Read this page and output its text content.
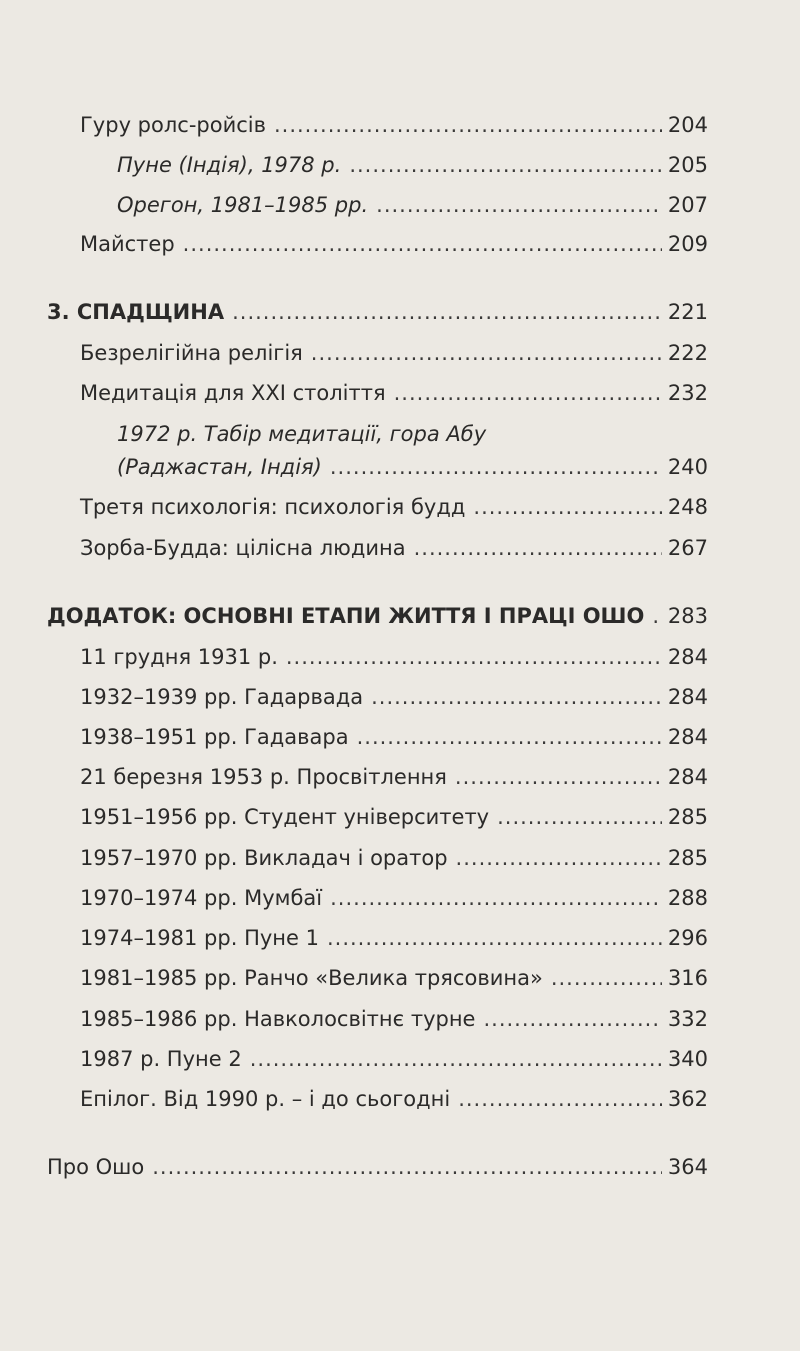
Гуру ролс-ройсів .....	204
Пуне (Індія), 1978 р. .....	205
Орегон, 1981–1985 рр. .....	207
Майстер .....	209
3. СПАДЩИНА .....	221
Безрелігійна релігія .....	222
Медитація для XXI століття .....	232
1972 р. Табір медитації, гора Абу
(Раджастан, Індія) .....	240
Третя психологія: психологія будд .....	248
Зорба-Будда: цілісна людина .....	267
ДОДАТОК: ОСНОВНІ ЕТАПИ ЖИТТЯ І ПРАЦІ ОШО ..... 283
11 грудня 1931 р. .....	284
1932–1939 рр. Гадарвада .....	284
1938–1951 рр. Гадавара .....	284
21 березня 1953 р. Просвітлення .....	284
1951–1956 рр. Студент університету .....	285
1957–1970 рр. Викладач і оратор .....	285
1970–1974 рр. Мумбаї .....	288
1974–1981 рр. Пуне 1 .....	296
1981–1985 рр. Ранчо «Велика трясовина» .....	316
1985–1986 рр. Навколосвітнє турне .....	332
1987 р. Пуне 2 .....	340
Епілог. Від 1990 р. – і до сьогодні .....	362
Про Ошо .....	364
